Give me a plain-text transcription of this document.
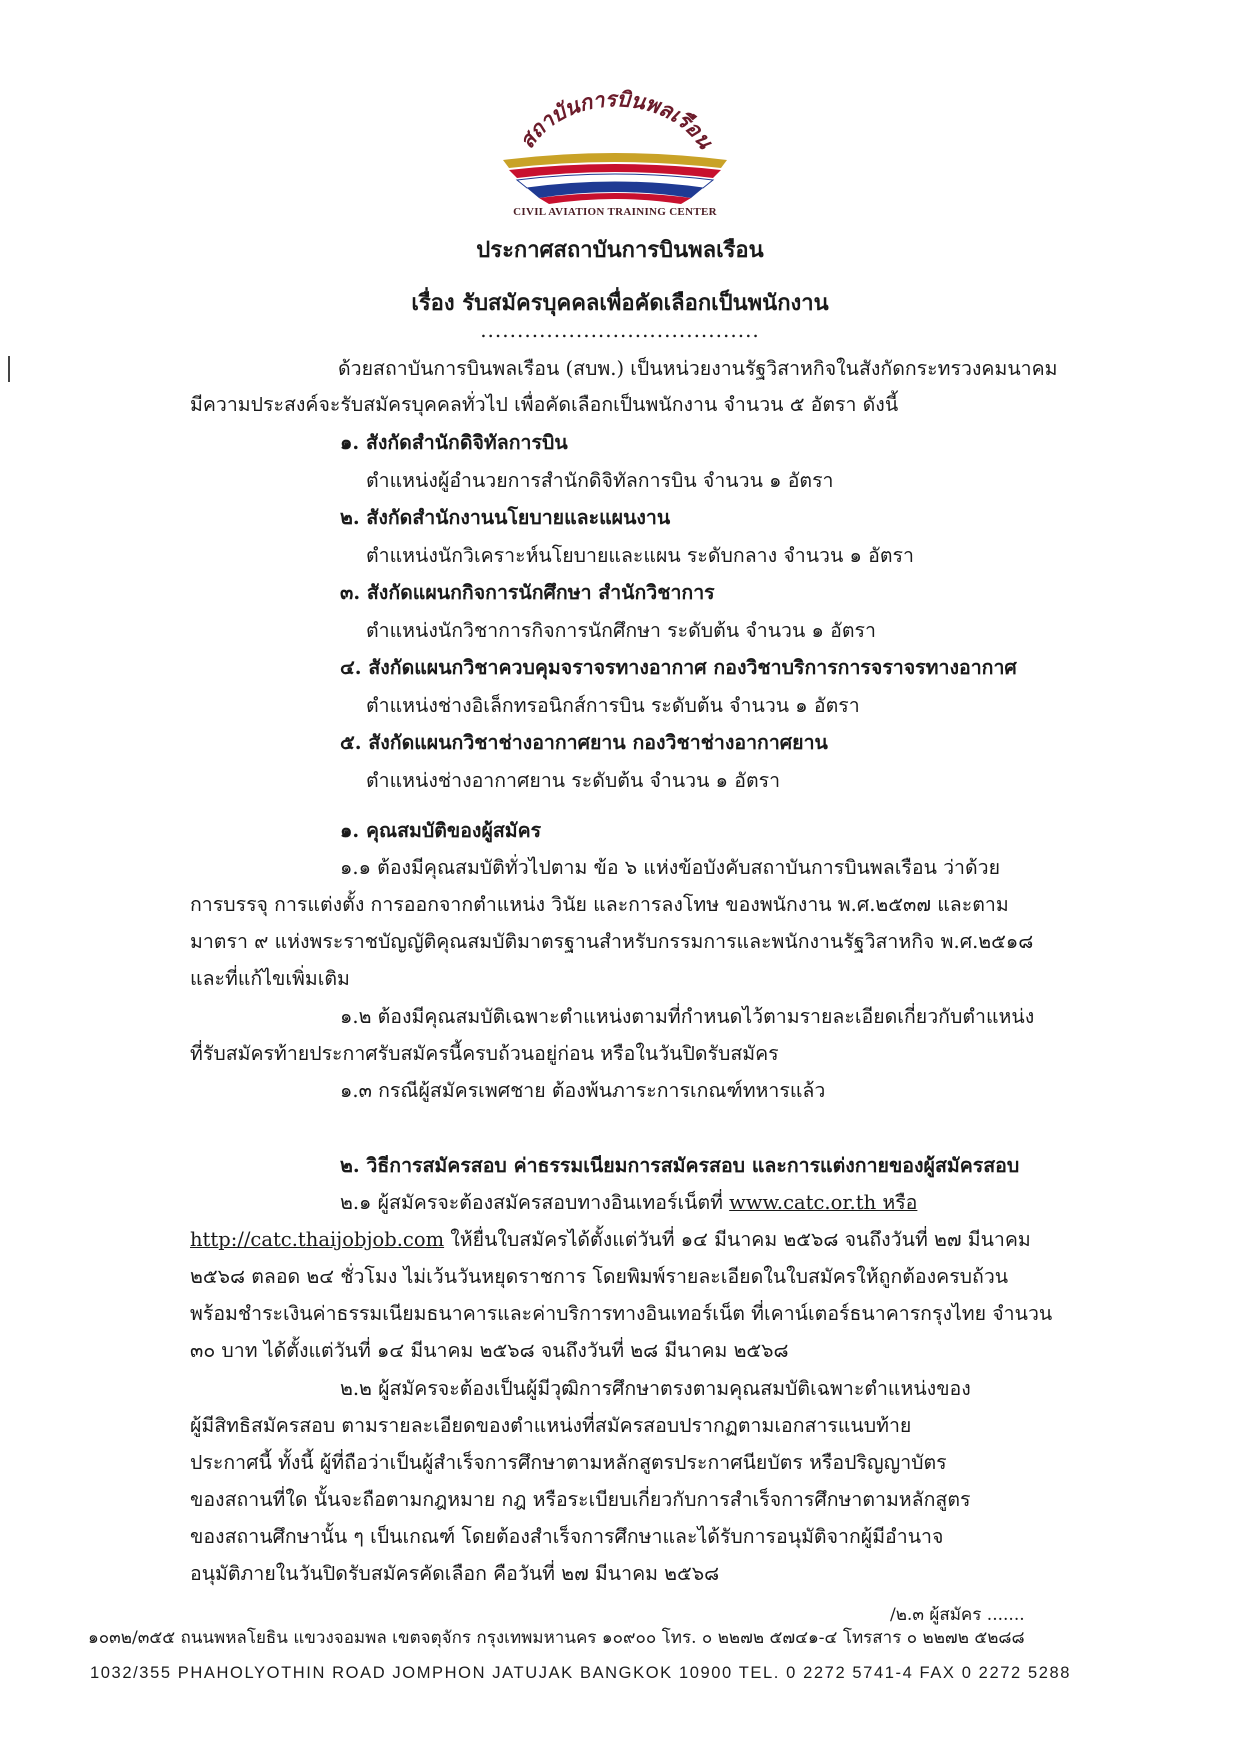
สถาบันการบินพลเรือน
CIVIL AVIATION TRAINING CENTER
ประกาศสถาบันการบินพลเรือน
เรื่อง รับสมัครบุคคลเพื่อคัดเลือกเป็นพนักงาน
......................................
ด้วยสถาบันการบินพลเรือน (สบพ.) เป็นหน่วยงานรัฐวิสาหกิจในสังกัดกระทรวงคมนาคม
มีความประสงค์จะรับสมัครบุคคลทั่วไป เพื่อคัดเลือกเป็นพนักงาน จำนวน ๕ อัตรา ดังนี้
๑. สังกัดสำนักดิจิทัลการบิน
ตำแหน่งผู้อำนวยการสำนักดิจิทัลการบิน จำนวน ๑ อัตรา
๒. สังกัดสำนักงานนโยบายและแผนงาน
ตำแหน่งนักวิเคราะห์นโยบายและแผน ระดับกลาง จำนวน ๑ อัตรา
๓. สังกัดแผนกกิจการนักศึกษา สำนักวิชาการ
ตำแหน่งนักวิชาการกิจการนักศึกษา ระดับต้น จำนวน ๑ อัตรา
๔. สังกัดแผนกวิชาควบคุมจราจรทางอากาศ กองวิชาบริการการจราจรทางอากาศ
ตำแหน่งช่างอิเล็กทรอนิกส์การบิน ระดับต้น จำนวน ๑ อัตรา
๕. สังกัดแผนกวิชาช่างอากาศยาน กองวิชาช่างอากาศยาน
ตำแหน่งช่างอากาศยาน ระดับต้น จำนวน ๑ อัตรา
๑. คุณสมบัติของผู้สมัคร
๑.๑ ต้องมีคุณสมบัติทั่วไปตาม ข้อ ๖ แห่งข้อบังคับสถาบันการบินพลเรือน ว่าด้วย
การบรรจุ การแต่งตั้ง การออกจากตำแหน่ง วินัย และการลงโทษ ของพนักงาน พ.ศ.๒๕๓๗ และตาม
มาตรา ๙ แห่งพระราชบัญญัติคุณสมบัติมาตรฐานสำหรับกรรมการและพนักงานรัฐวิสาหกิจ พ.ศ.๒๕๑๘
และที่แก้ไขเพิ่มเติม
๑.๒ ต้องมีคุณสมบัติเฉพาะตำแหน่งตามที่กำหนดไว้ตามรายละเอียดเกี่ยวกับตำแหน่ง
ที่รับสมัครท้ายประกาศรับสมัครนี้ครบถ้วนอยู่ก่อน หรือในวันปิดรับสมัคร
๑.๓ กรณีผู้สมัครเพศชาย ต้องพ้นภาระการเกณฑ์ทหารแล้ว
๒. วิธีการสมัครสอบ ค่าธรรมเนียมการสมัครสอบ และการแต่งกายของผู้สมัครสอบ
๒.๑ ผู้สมัครจะต้องสมัครสอบทางอินเทอร์เน็ตที่ www.catc.or.th หรือ
http://catc.thaijobjob.com ให้ยื่นใบสมัครได้ตั้งแต่วันที่ ๑๔ มีนาคม ๒๕๖๘ จนถึงวันที่ ๒๗ มีนาคม
๒๕๖๘ ตลอด ๒๔ ชั่วโมง ไม่เว้นวันหยุดราชการ โดยพิมพ์รายละเอียดในใบสมัครให้ถูกต้องครบถ้วน
พร้อมชำระเงินค่าธรรมเนียมธนาคารและค่าบริการทางอินเทอร์เน็ต ที่เคาน์เตอร์ธนาคารกรุงไทย จำนวน
๓๐ บาท ได้ตั้งแต่วันที่ ๑๔ มีนาคม ๒๕๖๘ จนถึงวันที่ ๒๘ มีนาคม ๒๕๖๘
๒.๒ ผู้สมัครจะต้องเป็นผู้มีวุฒิการศึกษาตรงตามคุณสมบัติเฉพาะตำแหน่งของ
ผู้มีสิทธิสมัครสอบ ตามรายละเอียดของตำแหน่งที่สมัครสอบปรากฏตามเอกสารแนบท้าย
ประกาศนี้ ทั้งนี้ ผู้ที่ถือว่าเป็นผู้สำเร็จการศึกษาตามหลักสูตรประกาศนียบัตร หรือปริญญาบัตร
ของสถานที่ใด นั้นจะถือตามกฎหมาย กฎ หรือระเบียบเกี่ยวกับการสำเร็จการศึกษาตามหลักสูตร
ของสถานศึกษานั้น ๆ เป็นเกณฑ์ โดยต้องสำเร็จการศึกษาและได้รับการอนุมัติจากผู้มีอำนาจ
อนุมัติภายในวันปิดรับสมัครคัดเลือก คือวันที่ ๒๗ มีนาคม ๒๕๖๘
/๒.๓ ผู้สมัคร .......
๑๐๓๒/๓๕๕ ถนนพหลโยธิน แขวงจอมพล เขตจตุจักร กรุงเทพมหานคร ๑๐๙๐๐ โทร. ๐ ๒๒๗๒ ๕๗๔๑-๔ โทรสาร ๐ ๒๒๗๒ ๕๒๘๘
1032/355 PHAHOLYOTHIN ROAD JOMPHON JATUJAK BANGKOK 10900 TEL. 0 2272 5741-4 FAX 0 2272 5288
